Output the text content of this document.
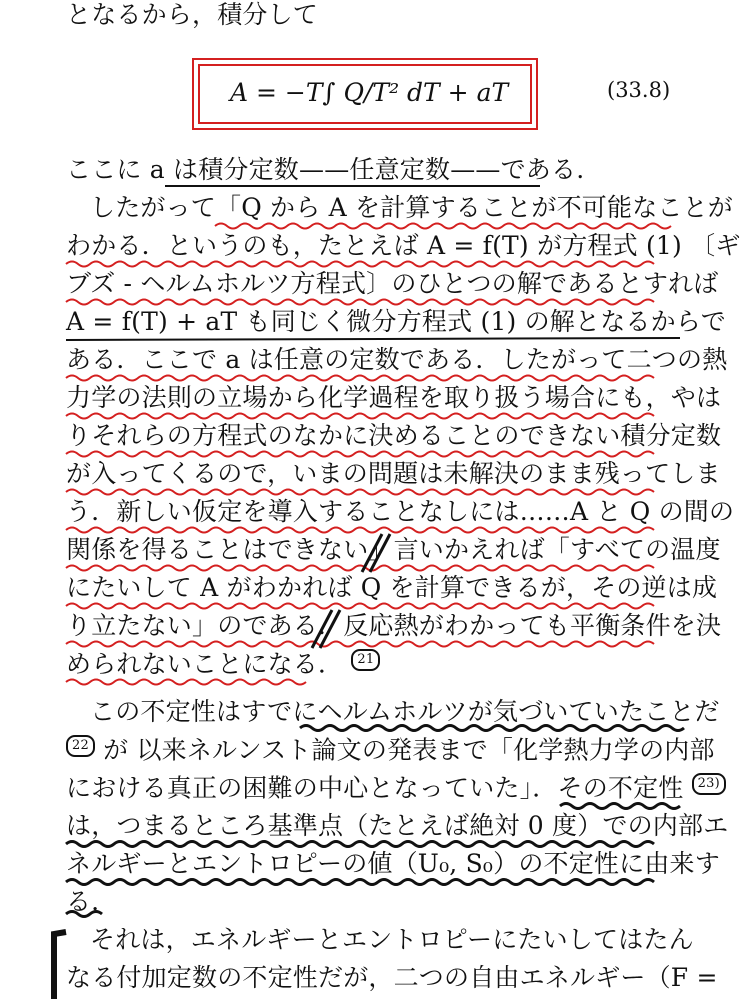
となるから，積分して
A = −T∫ Q/T² dT + aT	(33.8)
ここに a は積分定数——任意定数——である.
したがって「Q から A を計算することが不可能なことが
わかる．というのも，たとえば A = f(T) が方程式 (1) 〔ギ
ブズ - ヘルムホルツ方程式〕のひとつの解であるとすれば
A = f(T) + aT も同じく微分方程式 (1) の解となるからで
ある．ここで a は任意の定数である．したがって二つの熱
力学の法則の立場から化学過程を取り扱う場合にも，やは
りそれらの方程式のなかに決めることのできない積分定数
が入ってくるので，いまの問題は未解決のまま残ってしま
う．新しい仮定を導入することなしには……A と Q の間の
関係を得ることはできない」言いかえれば「すべての温度
にたいして A がわかれば Q を計算できるが，その逆は成
り立たない」のである．反応熱がわかっても平衡条件を決
められないことになる． 21
この不定性はすでにヘルムホルツが気づいていたことだ
22 が 以来ネルンスト論文の発表まで「化学熱力学の内部
における真正の困難の中心となっていた」．その不定性 23)
は，つまるところ基準点（たとえば絶対 0 度）での内部エ
ネルギーとエントロピーの値（U₀, S₀）の不定性に由来す
る．
それは，エネルギーとエントロピーにたいしてはたん
なる付加定数の不定性だが，二つの自由エネルギー（F =
